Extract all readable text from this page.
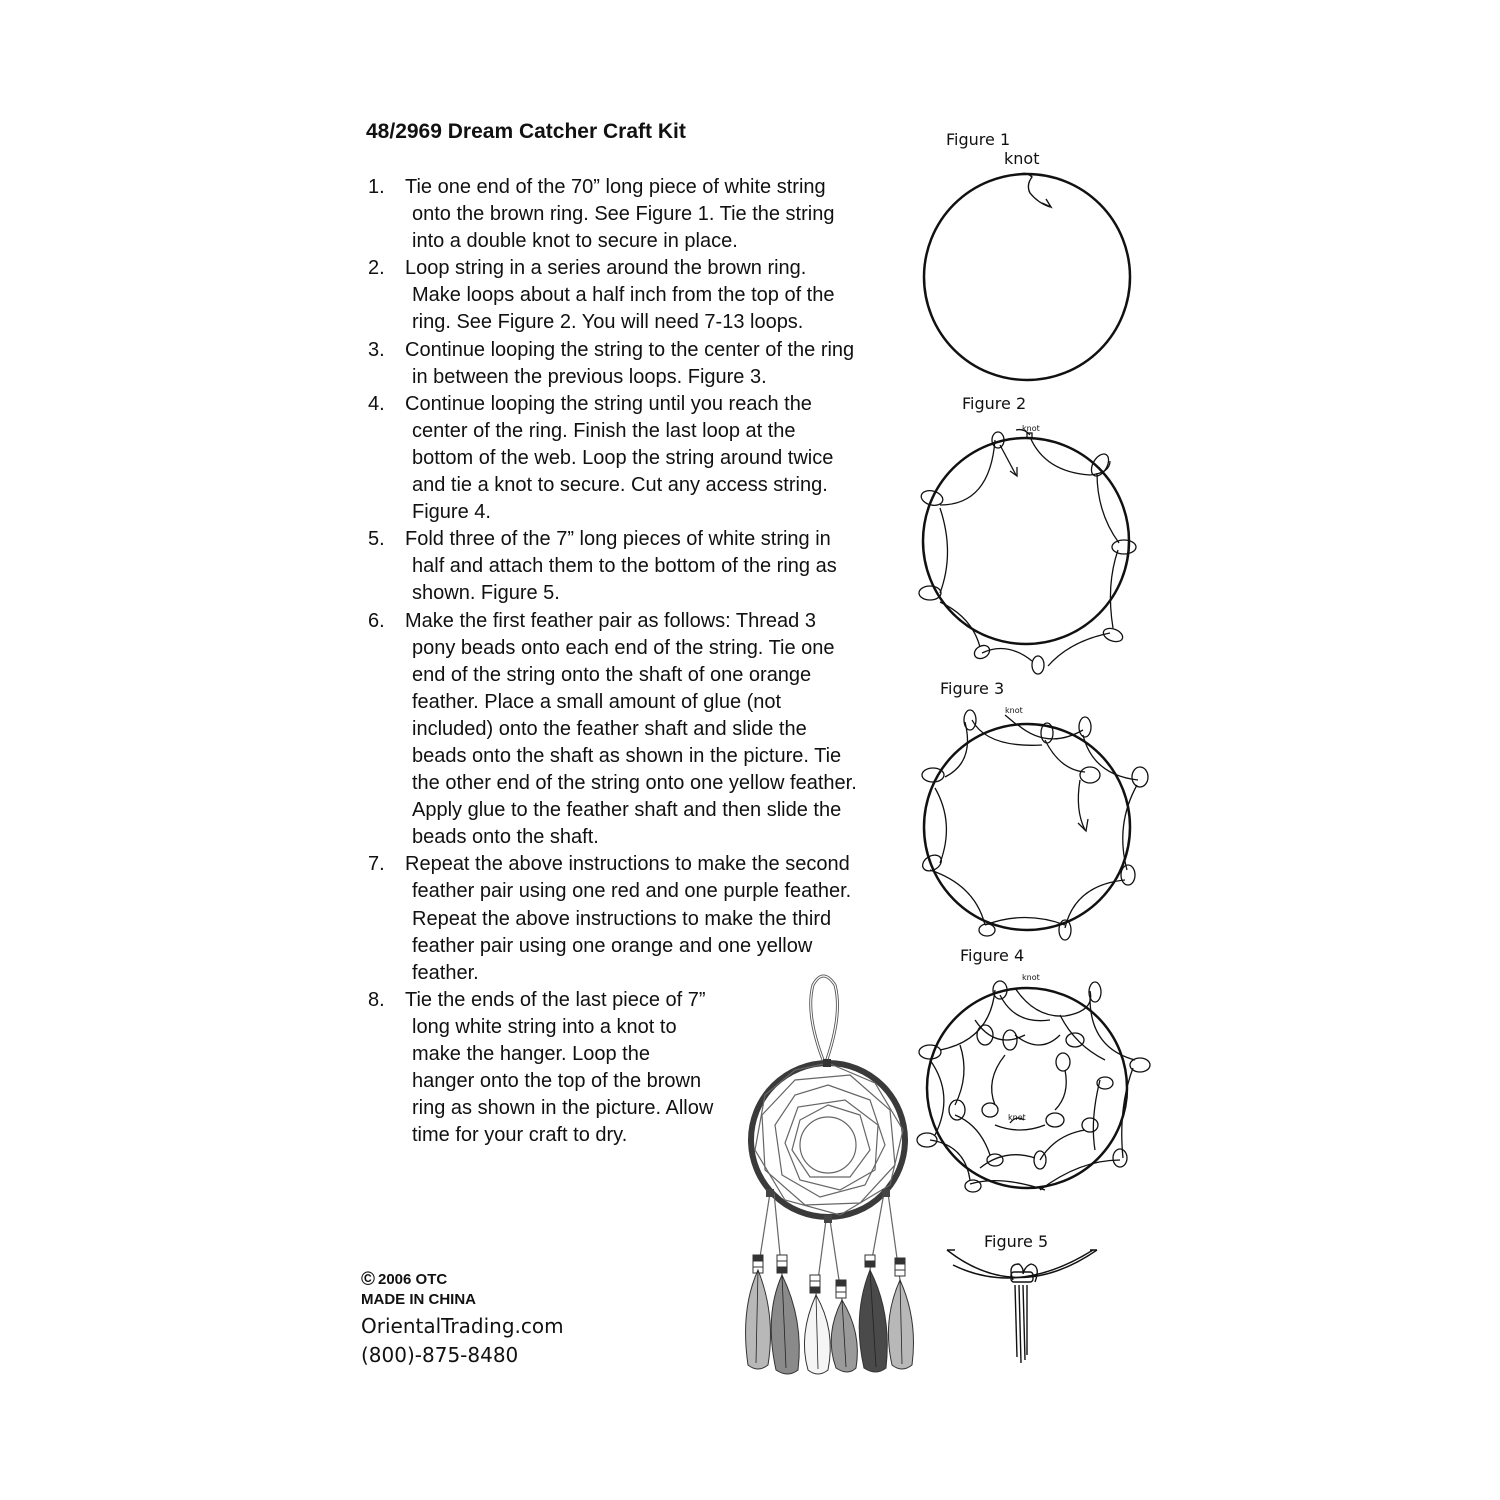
48/2969 Dream Catcher Craft Kit
1. Tie one end of the 70” long piece of white string
onto the brown ring. See Figure 1. Tie the string
into a double knot to secure in place.
2. Loop string in a series around the brown ring.
Make loops about a half inch from the top of the
ring. See Figure 2. You will need 7-13 loops.
3. Continue looping the string to the center of the ring
in between the previous loops. Figure 3.
4. Continue looping the string until you reach the
center of the ring. Finish the last loop at the
bottom of the web. Loop the string around twice
and tie a knot to secure. Cut any access string.
Figure 4.
5. Fold three of the 7” long pieces of white string in
half and attach them to the bottom of the ring as
shown. Figure 5.
6. Make the first feather pair as follows: Thread 3
pony beads onto each end of the string. Tie one
end of the string onto the shaft of one orange
feather. Place a small amount of glue (not
included) onto the feather shaft and slide the
beads onto the shaft as shown in the picture. Tie
the other end of the string onto one yellow feather.
Apply glue to the feather shaft and then slide the
beads onto the shaft.
7. Repeat the above instructions to make the second
feather pair using one red and one purple feather.
Repeat the above instructions to make the third
feather pair using one orange and one yellow
feather.
8. Tie the ends of the last piece of 7”
long white string into a knot to
make the hanger. Loop the
hanger onto the top of the brown
ring as shown in the picture. Allow
time for your craft to dry.
© 2006 OTC
MADE IN CHINA
OrientalTrading.com
(800)-875-8480
Figure 1
knot
Figure 2
knot
Figure 3
knot
Figure 4
knot
knot
Figure 5
